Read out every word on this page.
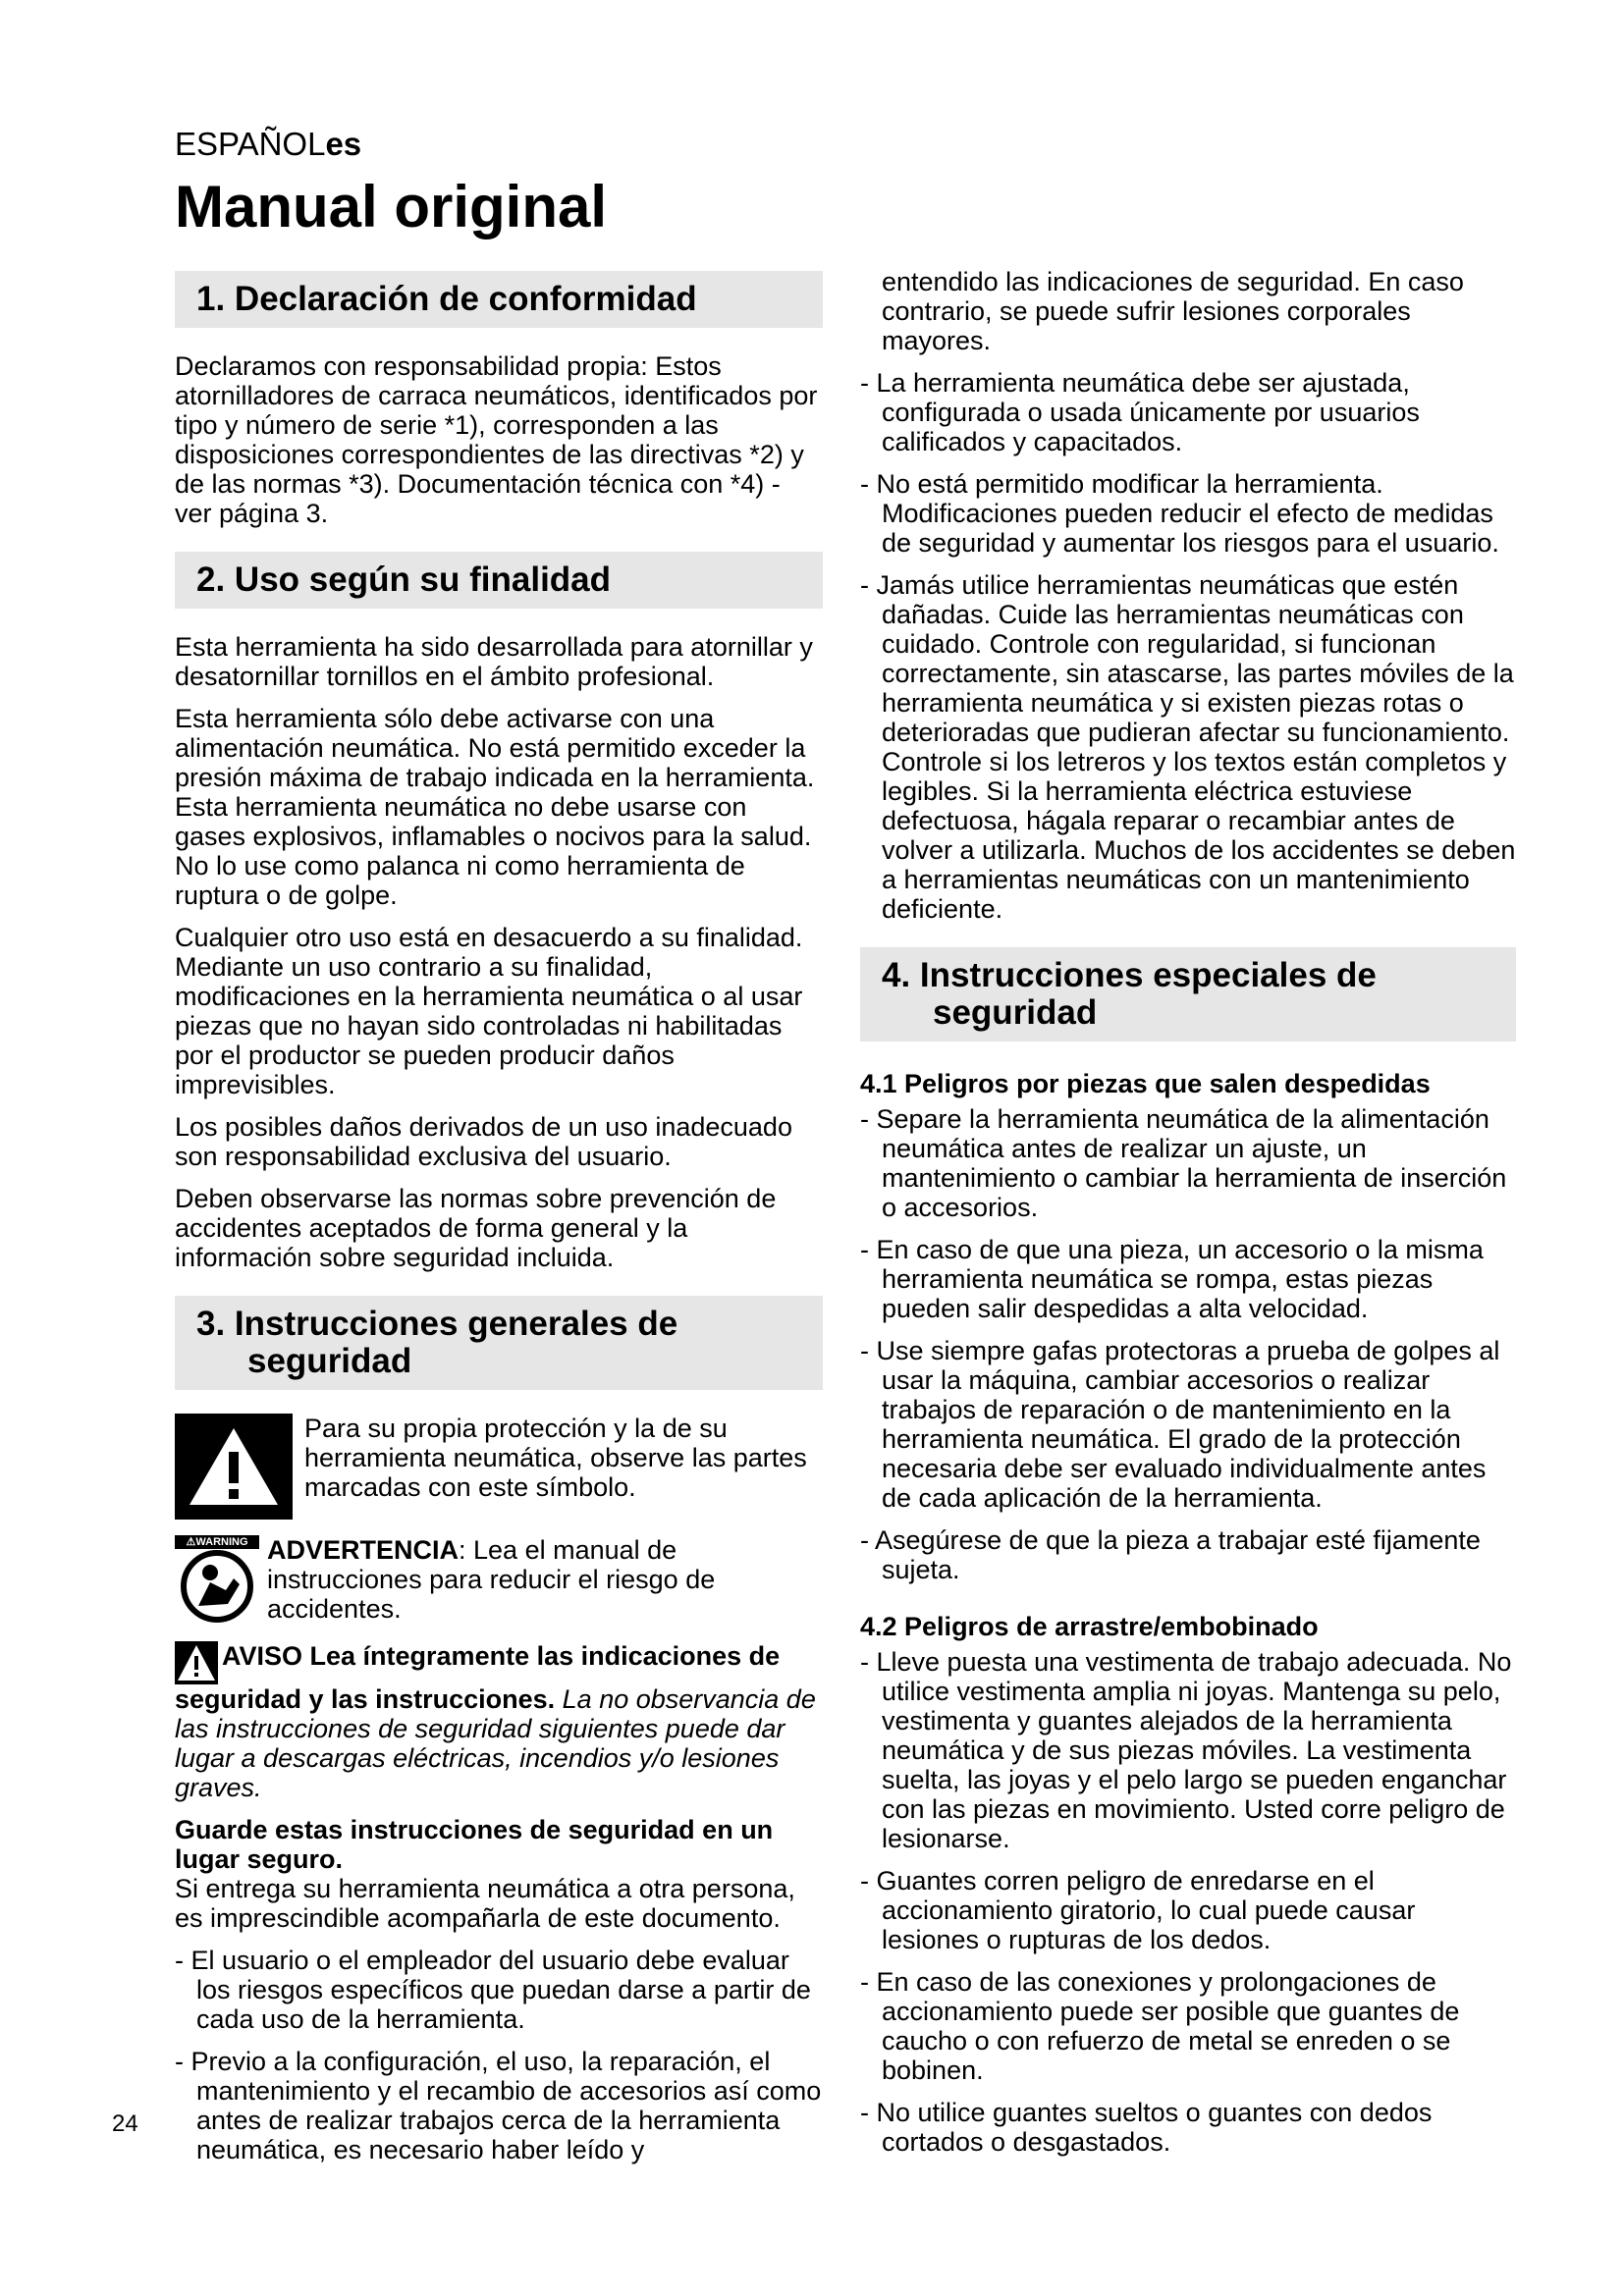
ESPAÑOLes
Manual original
1. Declaración de conformidad

Declaramos con responsabilidad propia: Estos atornilladores de carraca neumáticos, identificados por tipo y número de serie *1), corresponden a las disposiciones correspondientes de las directivas *2) y de las normas *3). Documentación técnica con *4) - ver página 3.

2. Uso según su finalidad

Esta herramienta ha sido desarrollada para atornillar y desatornillar tornillos en el ámbito profesional.

Esta herramienta sólo debe activarse con una alimentación neumática. No está permitido exceder la presión máxima de trabajo indicada en la herramienta. Esta herramienta neumática no debe usarse con gases explosivos, inflamables o nocivos para la salud. No lo use como palanca ni como herramienta de ruptura o de golpe.

Cualquier otro uso está en desacuerdo a su finalidad. Mediante un uso contrario a su finalidad, modificaciones en la herramienta neumática o al usar piezas que no hayan sido controladas ni habilitadas por el productor se pueden producir daños imprevisibles.

Los posibles daños derivados de un uso inadecuado son responsabilidad exclusiva del usuario.

Deben observarse las normas sobre prevención de accidentes aceptados de forma general y la información sobre seguridad incluida.

3. Instrucciones generales de seguridad
Para su propia protección y la de su herramienta neumática, observe las partes marcadas con este símbolo.
⚠WARNING ADVERTENCIA: Lea el manual de instrucciones para reducir el riesgo de accidentes.

AVISO Lea íntegramente las indicaciones de seguridad y las instrucciones. La no observancia de las instrucciones de seguridad siguientes puede dar lugar a descargas eléctricas, incendios y/o lesiones graves.

Guarde estas instrucciones de seguridad en un lugar seguro.

Si entrega su herramienta neumática a otra persona, es imprescindible acompañarla de este documento.

- El usuario o el empleador del usuario debe evaluar los riesgos específicos que puedan darse a partir de cada uso de la herramienta.

- Previo a la configuración, el uso, la reparación, el mantenimiento y el recambio de accesorios así como antes de realizar trabajos cerca de la herramienta neumática, es necesario haber leído y

entendido las indicaciones de seguridad. En caso contrario, se puede sufrir lesiones corporales mayores.

- La herramienta neumática debe ser ajustada, configurada o usada únicamente por usuarios calificados y capacitados.

- No está permitido modificar la herramienta. Modificaciones pueden reducir el efecto de medidas de seguridad y aumentar los riesgos para el usuario.

- Jamás utilice herramientas neumáticas que estén dañadas. Cuide las herramientas neumáticas con cuidado. Controle con regularidad, si funcionan correctamente, sin atascarse, las partes móviles de la herramienta neumática y si existen piezas rotas o deterioradas que pudieran afectar su funcionamiento. Controle si los letreros y los textos están completos y legibles. Si la herramienta eléctrica estuviese defectuosa, hágala reparar o recambiar antes de volver a utilizarla. Muchos de los accidentes se deben a herramientas neumáticas con un mantenimiento deficiente.

4. Instrucciones especiales de seguridad
4.1 Peligros por piezas que salen despedidas

- Separe la herramienta neumática de la alimentación neumática antes de realizar un ajuste, un mantenimiento o cambiar la herramienta de inserción o accesorios.

- En caso de que una pieza, un accesorio o la misma herramienta neumática se rompa, estas piezas pueden salir despedidas a alta velocidad.

- Use siempre gafas protectoras a prueba de golpes al usar la máquina, cambiar accesorios o realizar trabajos de reparación o de mantenimiento en la herramienta neumática. El grado de la protección necesaria debe ser evaluado individualmente antes de cada aplicación de la herramienta.

- Asegúrese de que la pieza a trabajar esté fijamente sujeta.

4.2 Peligros de arrastre/embobinado

- Lleve puesta una vestimenta de trabajo adecuada. No utilice vestimenta amplia ni joyas. Mantenga su pelo, vestimenta y guantes alejados de la herramienta neumática y de sus piezas móviles. La vestimenta suelta, las joyas y el pelo largo se pueden enganchar con las piezas en movimiento. Usted corre peligro de lesionarse.

- Guantes corren peligro de enredarse en el accionamiento giratorio, lo cual puede causar lesiones o rupturas de los dedos.

- En caso de las conexiones y prolongaciones de accionamiento puede ser posible que guantes de caucho o con refuerzo de metal se enreden o se bobinen.

- No utilice guantes sueltos o guantes con dedos cortados o desgastados.

24
